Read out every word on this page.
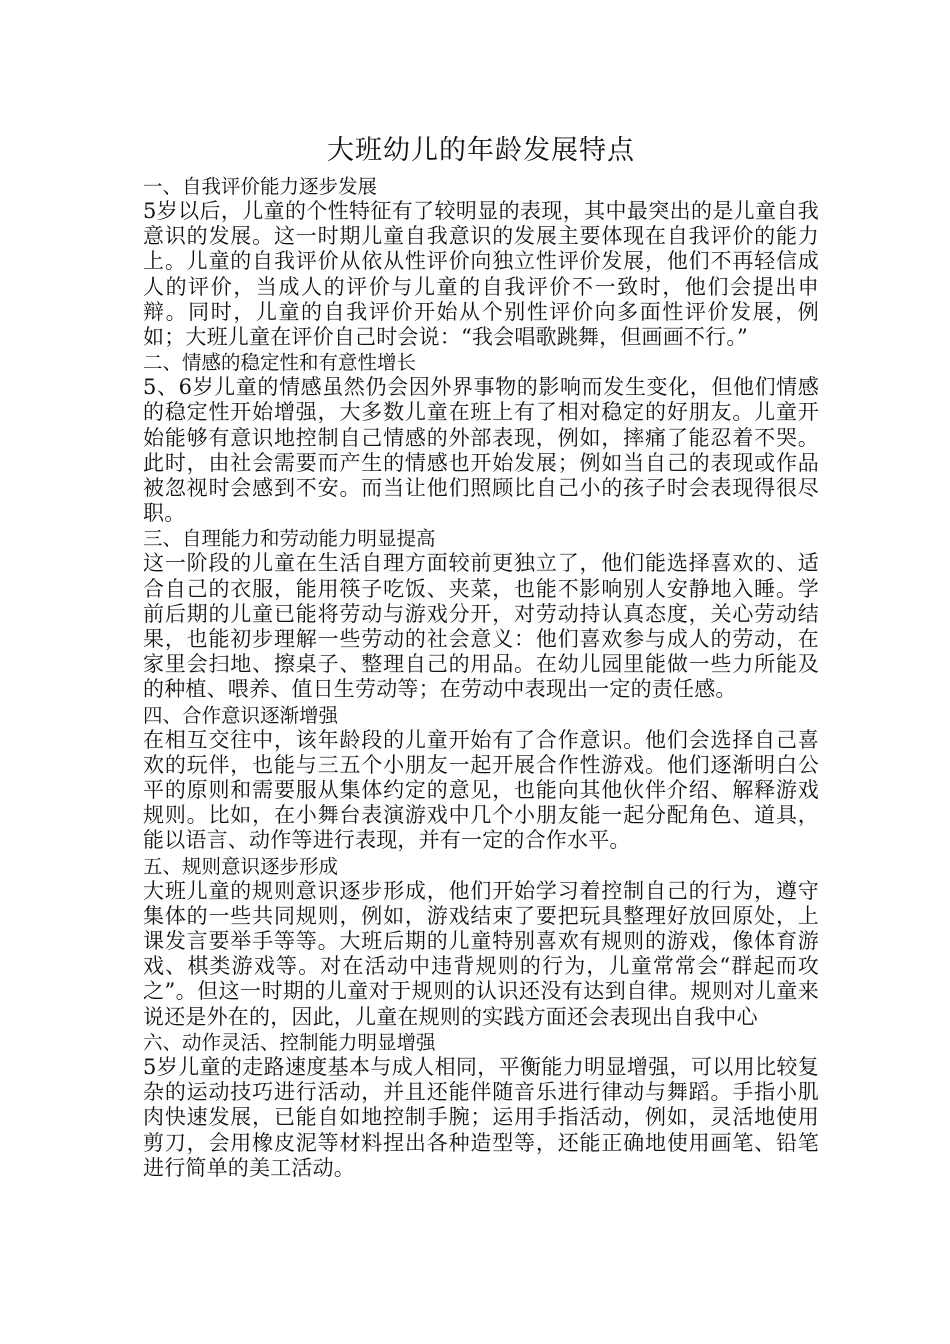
大班幼儿的年龄发展特点
一、自我评价能力逐步发展

5岁以后，儿童的个性特征有了较明显的表现，其中最突出的是儿童自我意识的发展。这一时期儿童自我意识的发展主要体现在自我评价的能力上。儿童的自我评价从依从性评价向独立性评价发展，他们不再轻信成人的评价，当成人的评价与儿童的自我评价不一致时，他们会提出申辩。同时，儿童的自我评价开始从个别性评价向多面性评价发展，例如；大班儿童在评价自己时会说：“我会唱歌跳舞，但画画不行。”

二、情感的稳定性和有意性增长

5、6岁儿童的情感虽然仍会因外界事物的影响而发生变化，但他们情感的稳定性开始增强，大多数儿童在班上有了相对稳定的好朋友。儿童开始能够有意识地控制自己情感的外部表现，例如，摔痛了能忍着不哭。此时，由社会需要而产生的情感也开始发展；例如当自己的表现或作品被忽视时会感到不安。而当让他们照顾比自己小的孩子时会表现得很尽职。

三、自理能力和劳动能力明显提高

这一阶段的儿童在生活自理方面较前更独立了，他们能选择喜欢的、适合自己的衣服，能用筷子吃饭、夹菜，也能不影响别人安静地入睡。学前后期的儿童已能将劳动与游戏分开，对劳动持认真态度，关心劳动结果，也能初步理解一些劳动的社会意义：他们喜欢参与成人的劳动，在家里会扫地、擦桌子、整理自己的用品。在幼儿园里能做一些力所能及的种植、喂养、值日生劳动等；在劳动中表现出一定的责任感。

四、合作意识逐渐增强

在相互交往中，该年龄段的儿童开始有了合作意识。他们会选择自己喜欢的玩伴，也能与三五个小朋友一起开展合作性游戏。他们逐渐明白公平的原则和需要服从集体约定的意见，也能向其他伙伴介绍、解释游戏规则。比如，在小舞台表演游戏中几个小朋友能一起分配角色、道具，能以语言、动作等进行表现，并有一定的合作水平。

五、规则意识逐步形成

大班儿童的规则意识逐步形成，他们开始学习着控制自己的行为，遵守集体的一些共同规则，例如，游戏结束了要把玩具整理好放回原处，上课发言要举手等等。大班后期的儿童特别喜欢有规则的游戏，像体育游戏、棋类游戏等。对在活动中违背规则的行为，儿童常常会“群起而攻之”。但这一时期的儿童对于规则的认识还没有达到自律。规则对儿童来说还是外在的，因此，儿童在规则的实践方面还会表现出自我中心

六、动作灵活、控制能力明显增强

5岁儿童的走路速度基本与成人相同，平衡能力明显增强，可以用比较复杂的运动技巧进行活动，并且还能伴随音乐进行律动与舞蹈。手指小肌肉快速发展，已能自如地控制手腕；运用手指活动，例如，灵活地使用剪刀，会用橡皮泥等材料捏出各种造型等，还能正确地使用画笔、铅笔进行简单的美工活动。
